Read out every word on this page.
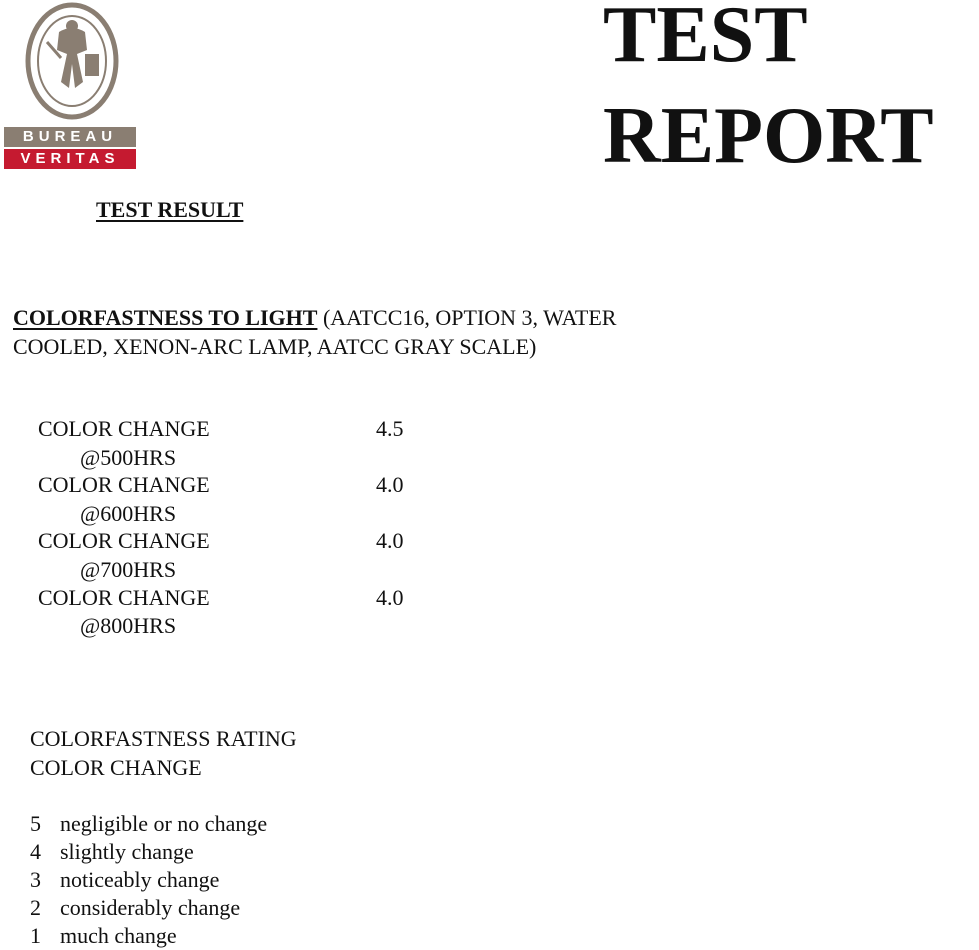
BUREAU
VERITAS
TEST
REPORT
TEST RESULT
COLORFASTNESS TO LIGHT (AATCC16, OPTION 3, WATER
COOLED, XENON-ARC LAMP, AATCC GRAY SCALE)
COLOR CHANGE
@500HRS
4.5
COLOR CHANGE
@600HRS
4.0
COLOR CHANGE
@700HRS
4.0
COLOR CHANGE
@800HRS
4.0
COLORFASTNESS RATING
COLOR CHANGE
5 negligible or no change
4 slightly change
3 noticeably change
2 considerably change
1 much change
